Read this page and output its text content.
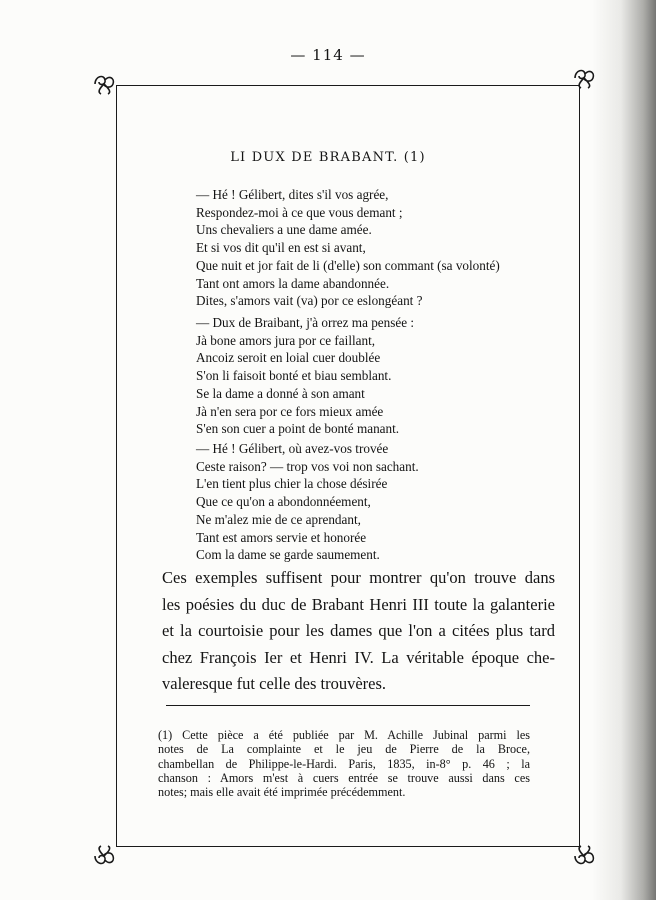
— 114 —
LI DUX DE BRABANT. (1)
— Hé ! Gélibert, dites s'il vos agrée,
Respondez-moi à ce que vous demant ;
Uns chevaliers a une dame amée.
Et si vos dit qu'il en est si avant,
Que nuit et jor fait de li (d'elle) son commant (sa volonté)
Tant ont amors la dame abandonnée.
Dites, s'amors vait (va) por ce eslongéant ?
— Dux de Braibant, j'à orrez ma pensée :
Jà bone amors jura por ce faillant,
Ancoiz seroit en loial cuer doublée
S'on li faisoit bonté et biau semblant.
Se la dame a donné à son amant
Jà n'en sera por ce fors mieux amée
S'en son cuer a point de bonté manant.
— Hé ! Gélibert, où avez-vos trovée
Ceste raison? — trop vos voi non sachant.
L'en tient plus chier la chose désirée
Que ce qu'on a abondonnéement,
Ne m'alez mie de ce aprendant,
Tant est amors servie et honorée
Com la dame se garde saumement.
Ces exemples suffisent pour montrer qu'on trouve dans
les poésies du duc de Brabant Henri III toute la galanterie
et la courtoisie pour les dames que l'on a citées plus tard
chez François Ier et Henri IV. La véritable époque che-
valeresque fut celle des trouvères.
(1) Cette pièce a été publiée par M. Achille Jubinal parmi les
notes de La complainte et le jeu de Pierre de la Broce,
chambellan de Philippe-le-Hardi. Paris, 1835, in-8° p. 46 ; la
chanson : Amors m'est à cuers entrée se trouve aussi dans ces
notes; mais elle avait été imprimée précédemment.
